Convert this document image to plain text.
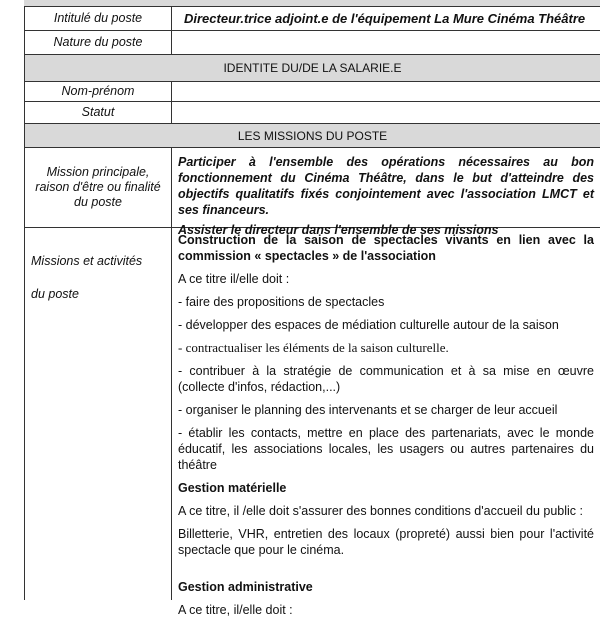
Intitulé du poste	Directeur.trice adjoint.e de l'équipement La Mure Cinéma Théâtre
Nature du poste
IDENTITE DU/DE LA SALARIE.E
Nom-prénom
Statut
LES MISSIONS DU POSTE
Mission principale, raison d'être ou finalité du poste

Participer à l'ensemble des opérations nécessaires au bon fonctionnement du Cinéma Théâtre, dans le but d'atteindre des objectifs qualitatifs fixés conjointement avec l'association LMCT et ses financeurs.

Assister le directeur dans l'ensemble de ses missions

Missions et activités
du poste

Construction de la saison de spectacles vivants en lien avec la commission « spectacles » de l'association

A ce titre il/elle doit :

- faire des propositions de spectacles

- développer des espaces de médiation culturelle autour de la saison

- contractualiser les éléments de la saison culturelle.

- contribuer à la stratégie de communication et à sa mise en œuvre (collecte d'infos, rédaction,...)

- organiser le planning des intervenants et se charger de leur accueil

- établir les contacts, mettre en place des partenariats, avec le monde éducatif, les associations locales, les usagers ou autres partenaires du théâtre

Gestion matérielle

A ce titre, il /elle doit s'assurer des bonnes conditions d'accueil du public :

Billetterie, VHR, entretien des locaux (propreté) aussi bien pour l'activité spectacle que pour le cinéma.

Gestion administrative

A ce titre, il/elle doit :
